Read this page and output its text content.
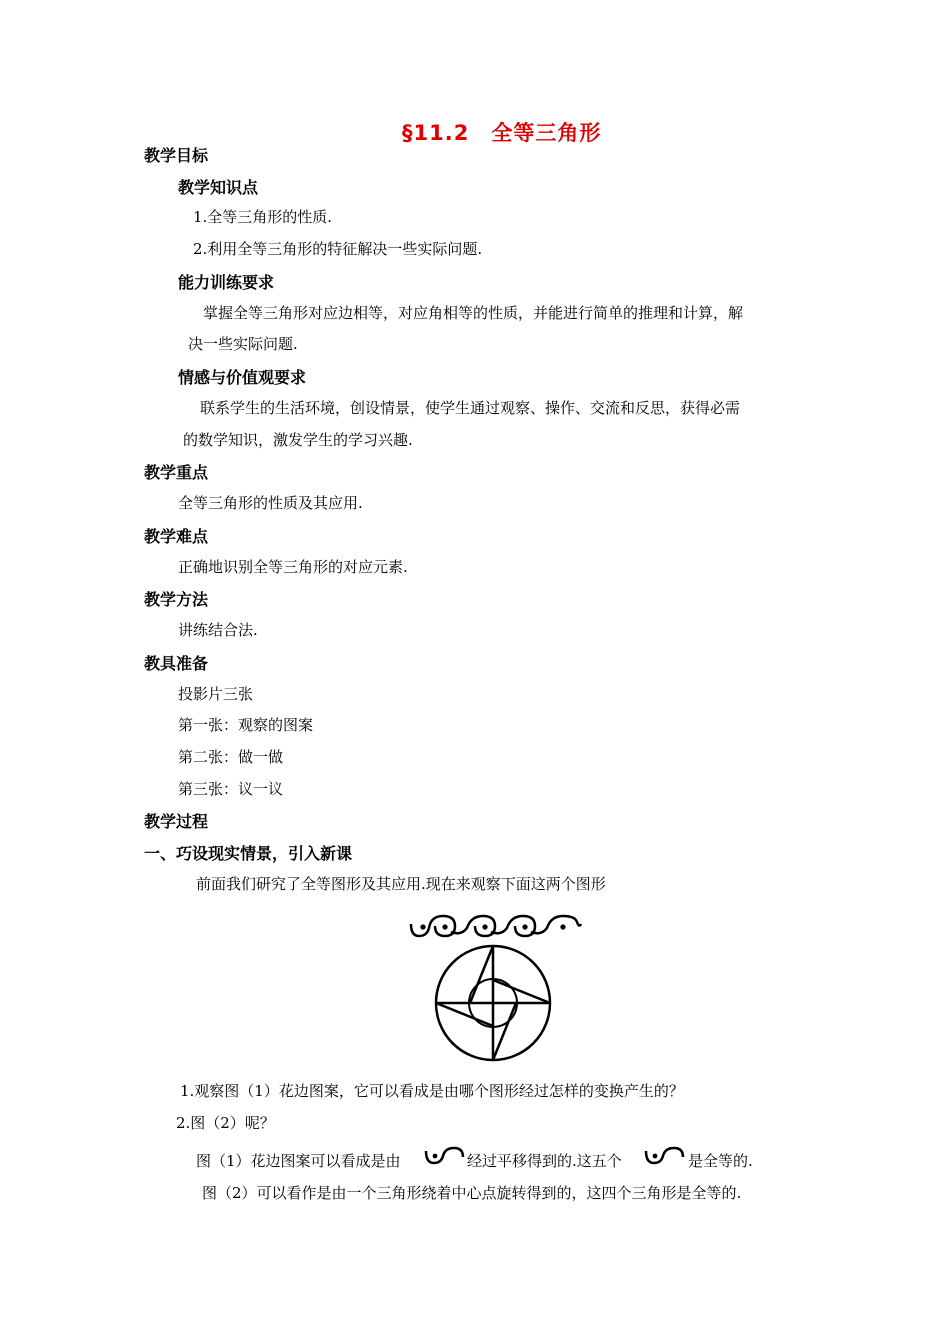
§11.2　全等三角形
教学目标
教学知识点
1.全等三角形的性质.
2.利用全等三角形的特征解决一些实际问题.
能力训练要求
掌握全等三角形对应边相等，对应角相等的性质，并能进行简单的推理和计算，解
决一些实际问题.
情感与价值观要求
联系学生的生活环境，创设情景，使学生通过观察、操作、交流和反思，获得必需
的数学知识，激发学生的学习兴趣.
教学重点
全等三角形的性质及其应用.
教学难点
正确地识别全等三角形的对应元素.
教学方法
讲练结合法.
教具准备
投影片三张
第一张：观察的图案
第二张：做一做
第三张：议一议
教学过程
一、巧设现实情景，引入新课
前面我们研究了全等图形及其应用.现在来观察下面这两个图形
1.观察图（1）花边图案，它可以看成是由哪个图形经过怎样的变换产生的？
2.图（2）呢？
图（1）花边图案可以看成是由	经过平移得到的.这五个	是全等的.
图（2）可以看作是由一个三角形绕着中心点旋转得到的，这四个三角形是全等的.
